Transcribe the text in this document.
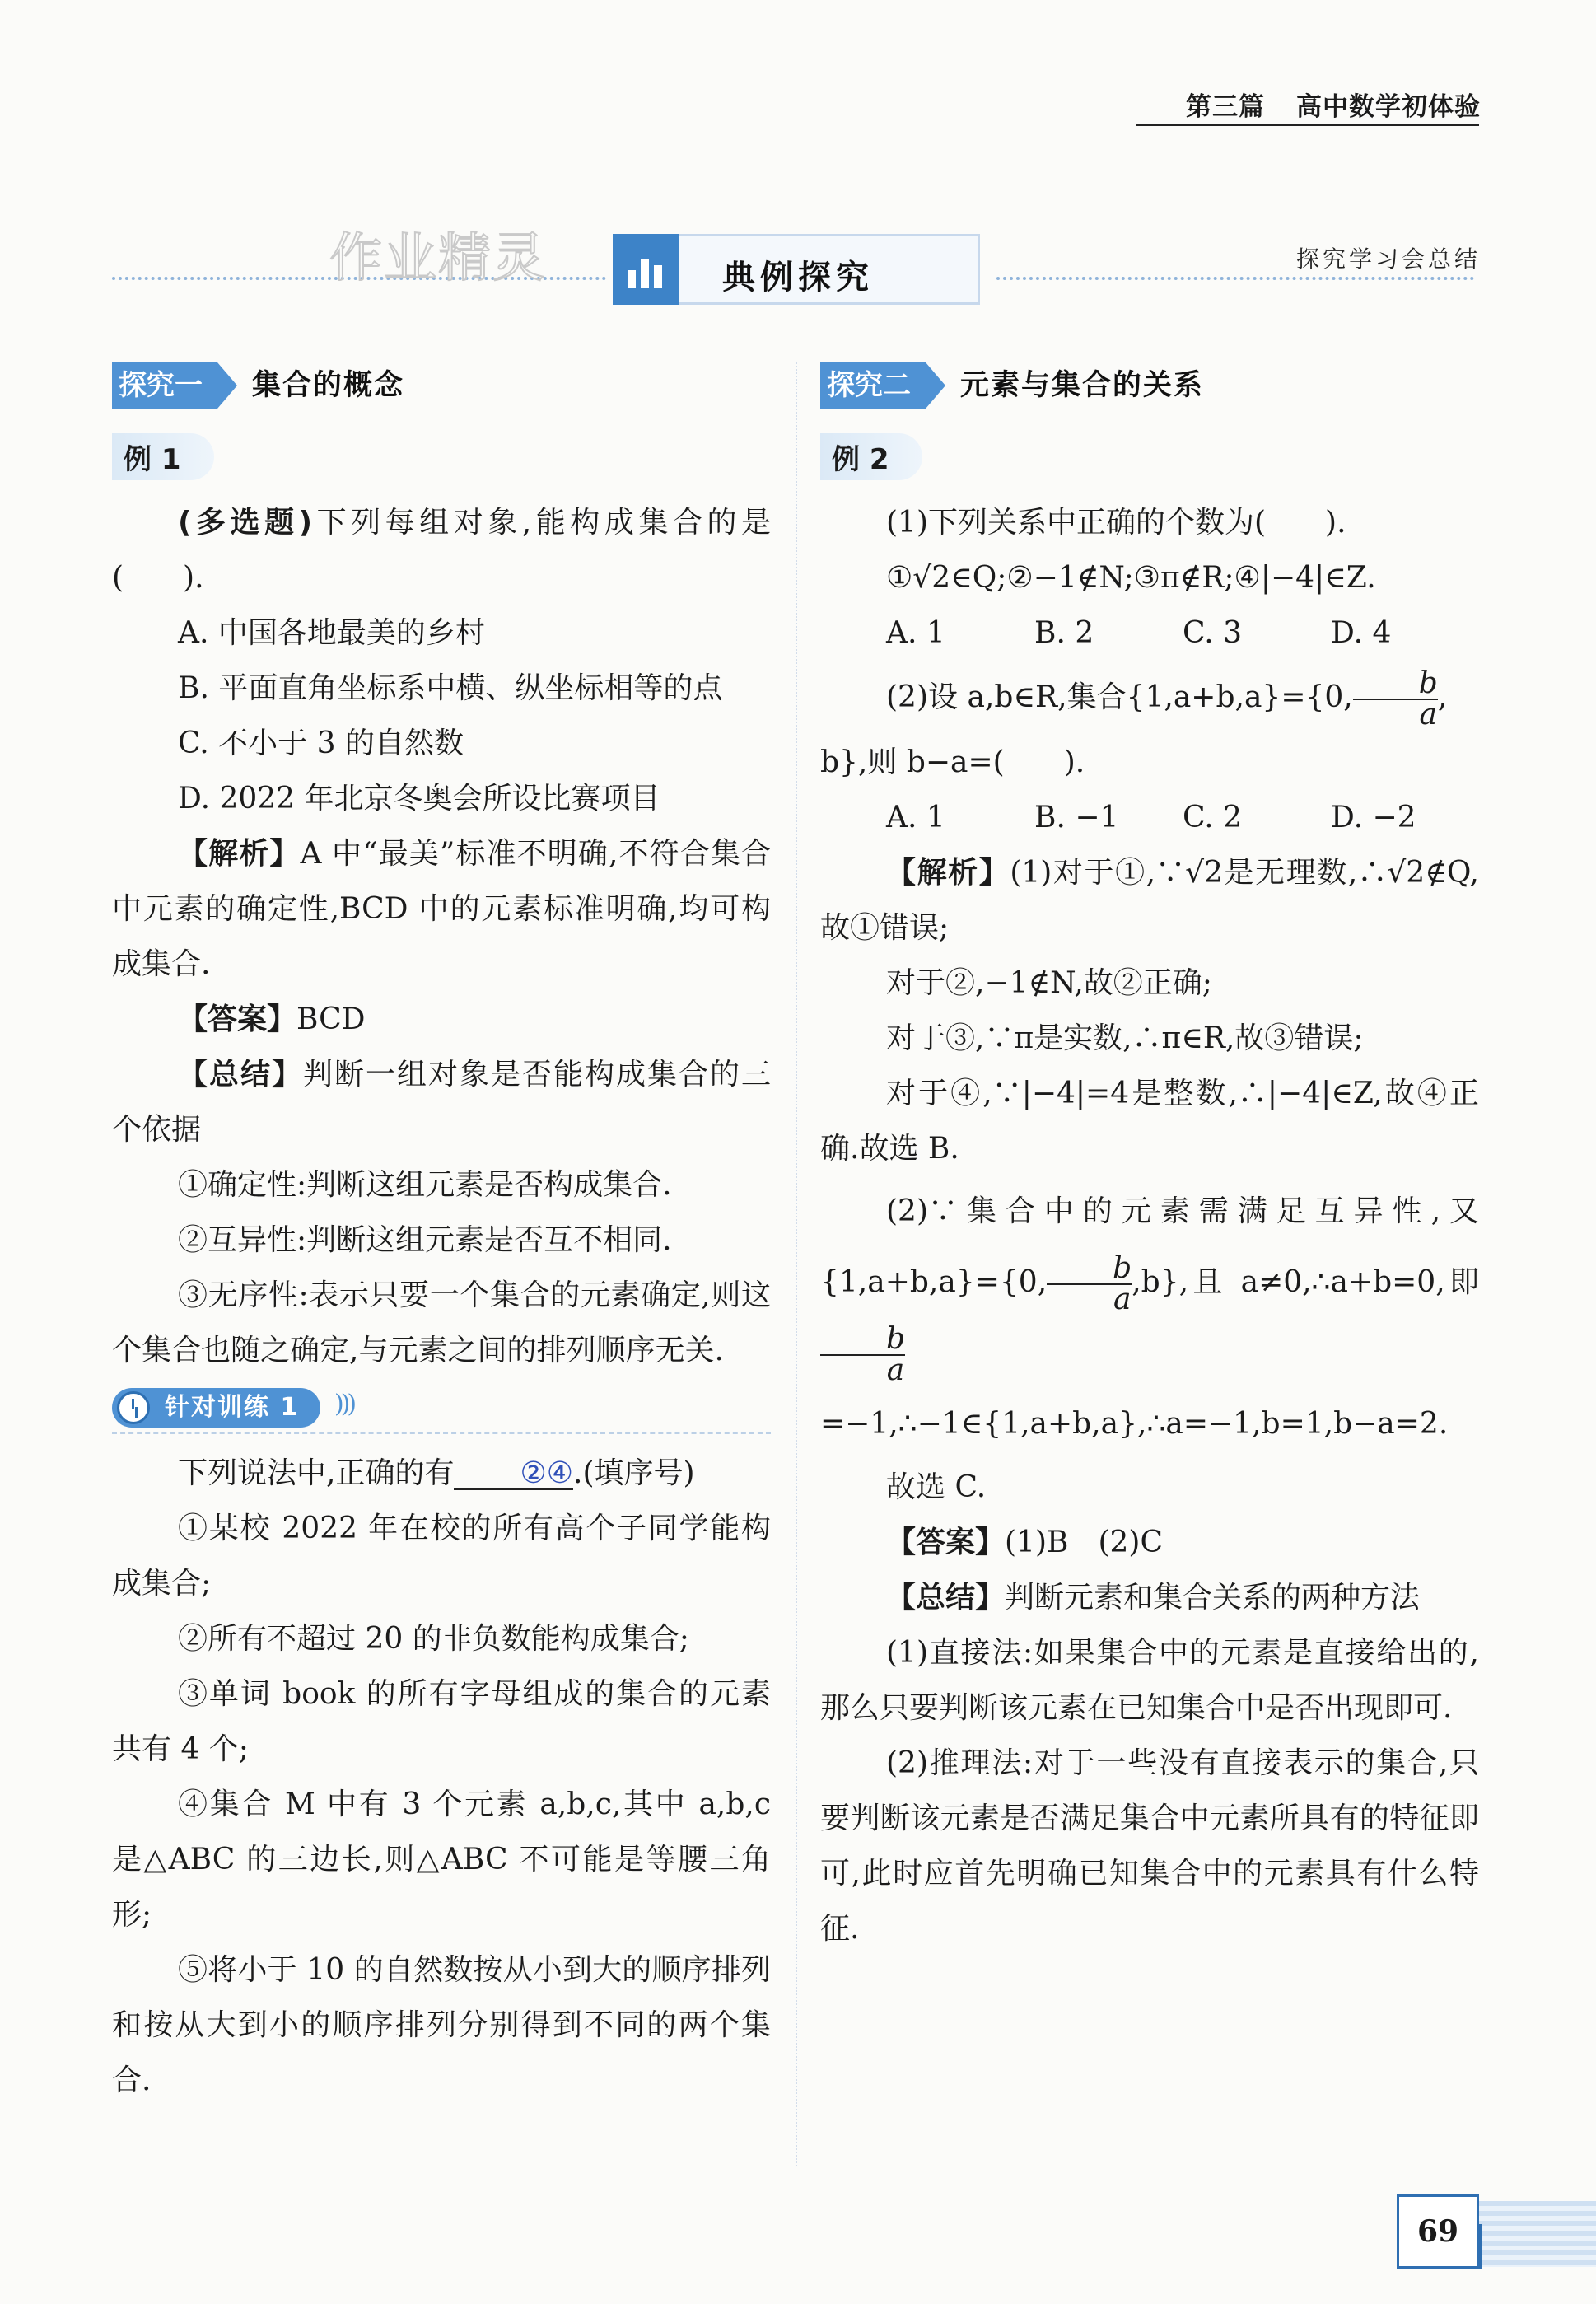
第三篇 高中数学初体验
作业精灵	典例探究	探究学习会总结
探究一 集合的概念
例 1

(多选题)下列每组对象,能构成集合的是(　　).

A. 中国各地最美的乡村

B. 平面直角坐标系中横、纵坐标相等的点

C. 不小于 3 的自然数

D. 2022 年北京冬奥会所设比赛项目

【解析】A 中“最美”标准不明确,不符合集合中元素的确定性,BCD 中的元素标准明确,均可构成集合.

【答案】BCD

【总结】判断一组对象是否能构成集合的三个依据

①确定性:判断这组元素是否构成集合.

②互异性:判断这组元素是否互不相同.

③无序性:表示只要一个集合的元素确定,则这个集合也随之确定,与元素之间的排列顺序无关.

针对训练 1	)))

下列说法中,正确的有 ②④.(填序号)

①某校 2022 年在校的所有高个子同学能构成集合;

②所有不超过 20 的非负数能构成集合;

③单词 book 的所有字母组成的集合的元素共有 4 个;

④集合 M 中有 3 个元素 a,b,c,其中 a,b,c 是△ABC 的三边长,则△ABC 不可能是等腰三角形;

⑤将小于 10 的自然数按从小到大的顺序排列和按从大到小的顺序排列分别得到不同的两个集合.

探究二 元素与集合的关系
例 2

(1)下列关系中正确的个数为(　　).

①√2∈Q;②−1∉N;③π∉R;④|−4|∈Z.

A. 1	B. 2	C. 3	D. 4

(2)设 a,b∈R,集合{1,a+b,a}={0, $\frac{b}{a}$ ,

b},则 b−a=(　　).

A. 1	B. −1	C. 2	D. −2

【解析】(1)对于①,∵√2是无理数,∴√2∉Q,故①错误;

对于②,−1∉N,故②正确;

对于③,∵π是实数,∴π∈R,故③错误;

对于④,∵|−4|=4是整数,∴|−4|∈Z,故④正确.故选 B.

(2)∵集合中的元素需满足互异性,又{1,a+b,a}={0, $\frac{b}{a} ,b$},且 a≠0,∴a+b=0,即
$\frac{b}{a}$
=−1,∴−1∈{1,a+b,a},∴a=−1,b=1,b−a=2.

故选 C.

【答案】(1)B　(2)C

【总结】判断元素和集合关系的两种方法

(1)直接法:如果集合中的元素是直接给出的,那么只要判断该元素在已知集合中是否出现即可.

(2)推理法:对于一些没有直接表示的集合,只要判断该元素是否满足集合中元素所具有的特征即可,此时应首先明确已知集合中的元素具有什么特征.

69
